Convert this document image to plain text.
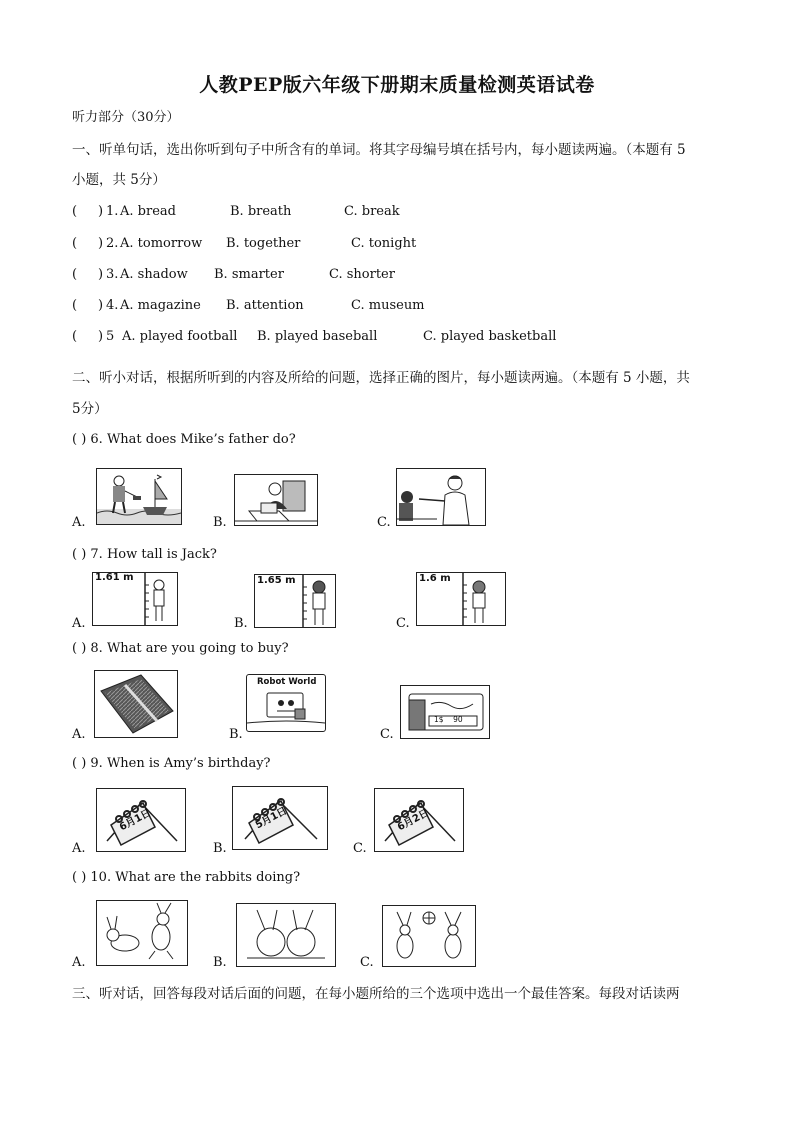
人教PEP版六年级下册期末质量检测英语试卷
听力部分（30分）
一、听单句话，选出你听到句子中所含有的单词。将其字母编号填在括号内，每小题读两遍。（本题有 5
小题，共 5分）
( ) 1. A. bread	B. breath	C. break
( ) 2. A. tomorrow B. together	C. tonight
( ) 3. A. shadow B. smarter	C. shorter
( ) 4. A. magazine B. attention	C. museum
( ) 5 A. played football B. played baseball	C. played basketball
二、听小对话，根据所听到的内容及所给的问题，选择正确的图片，每小题读两遍。（本题有 5 小题，共
5分）
( ) 6. What does Mike’s father do?
A.	B.	C.
( ) 7. How tall is Jack?
A.
1.61 m
B.
1.65 m
C.
1.6 m
( ) 8. What are you going to buy?
A.	B.
Robot World
C.
1$    90
( ) 9. When is Amy’s birthday?
A.
6月1日
B.
5月1日
C.
6月2日
( ) 10. What are the rabbits doing?
A.	B.	C.
三、听对话，回答每段对话后面的问题，在每小题所给的三个选项中选出一个最佳答案。每段对话读两
